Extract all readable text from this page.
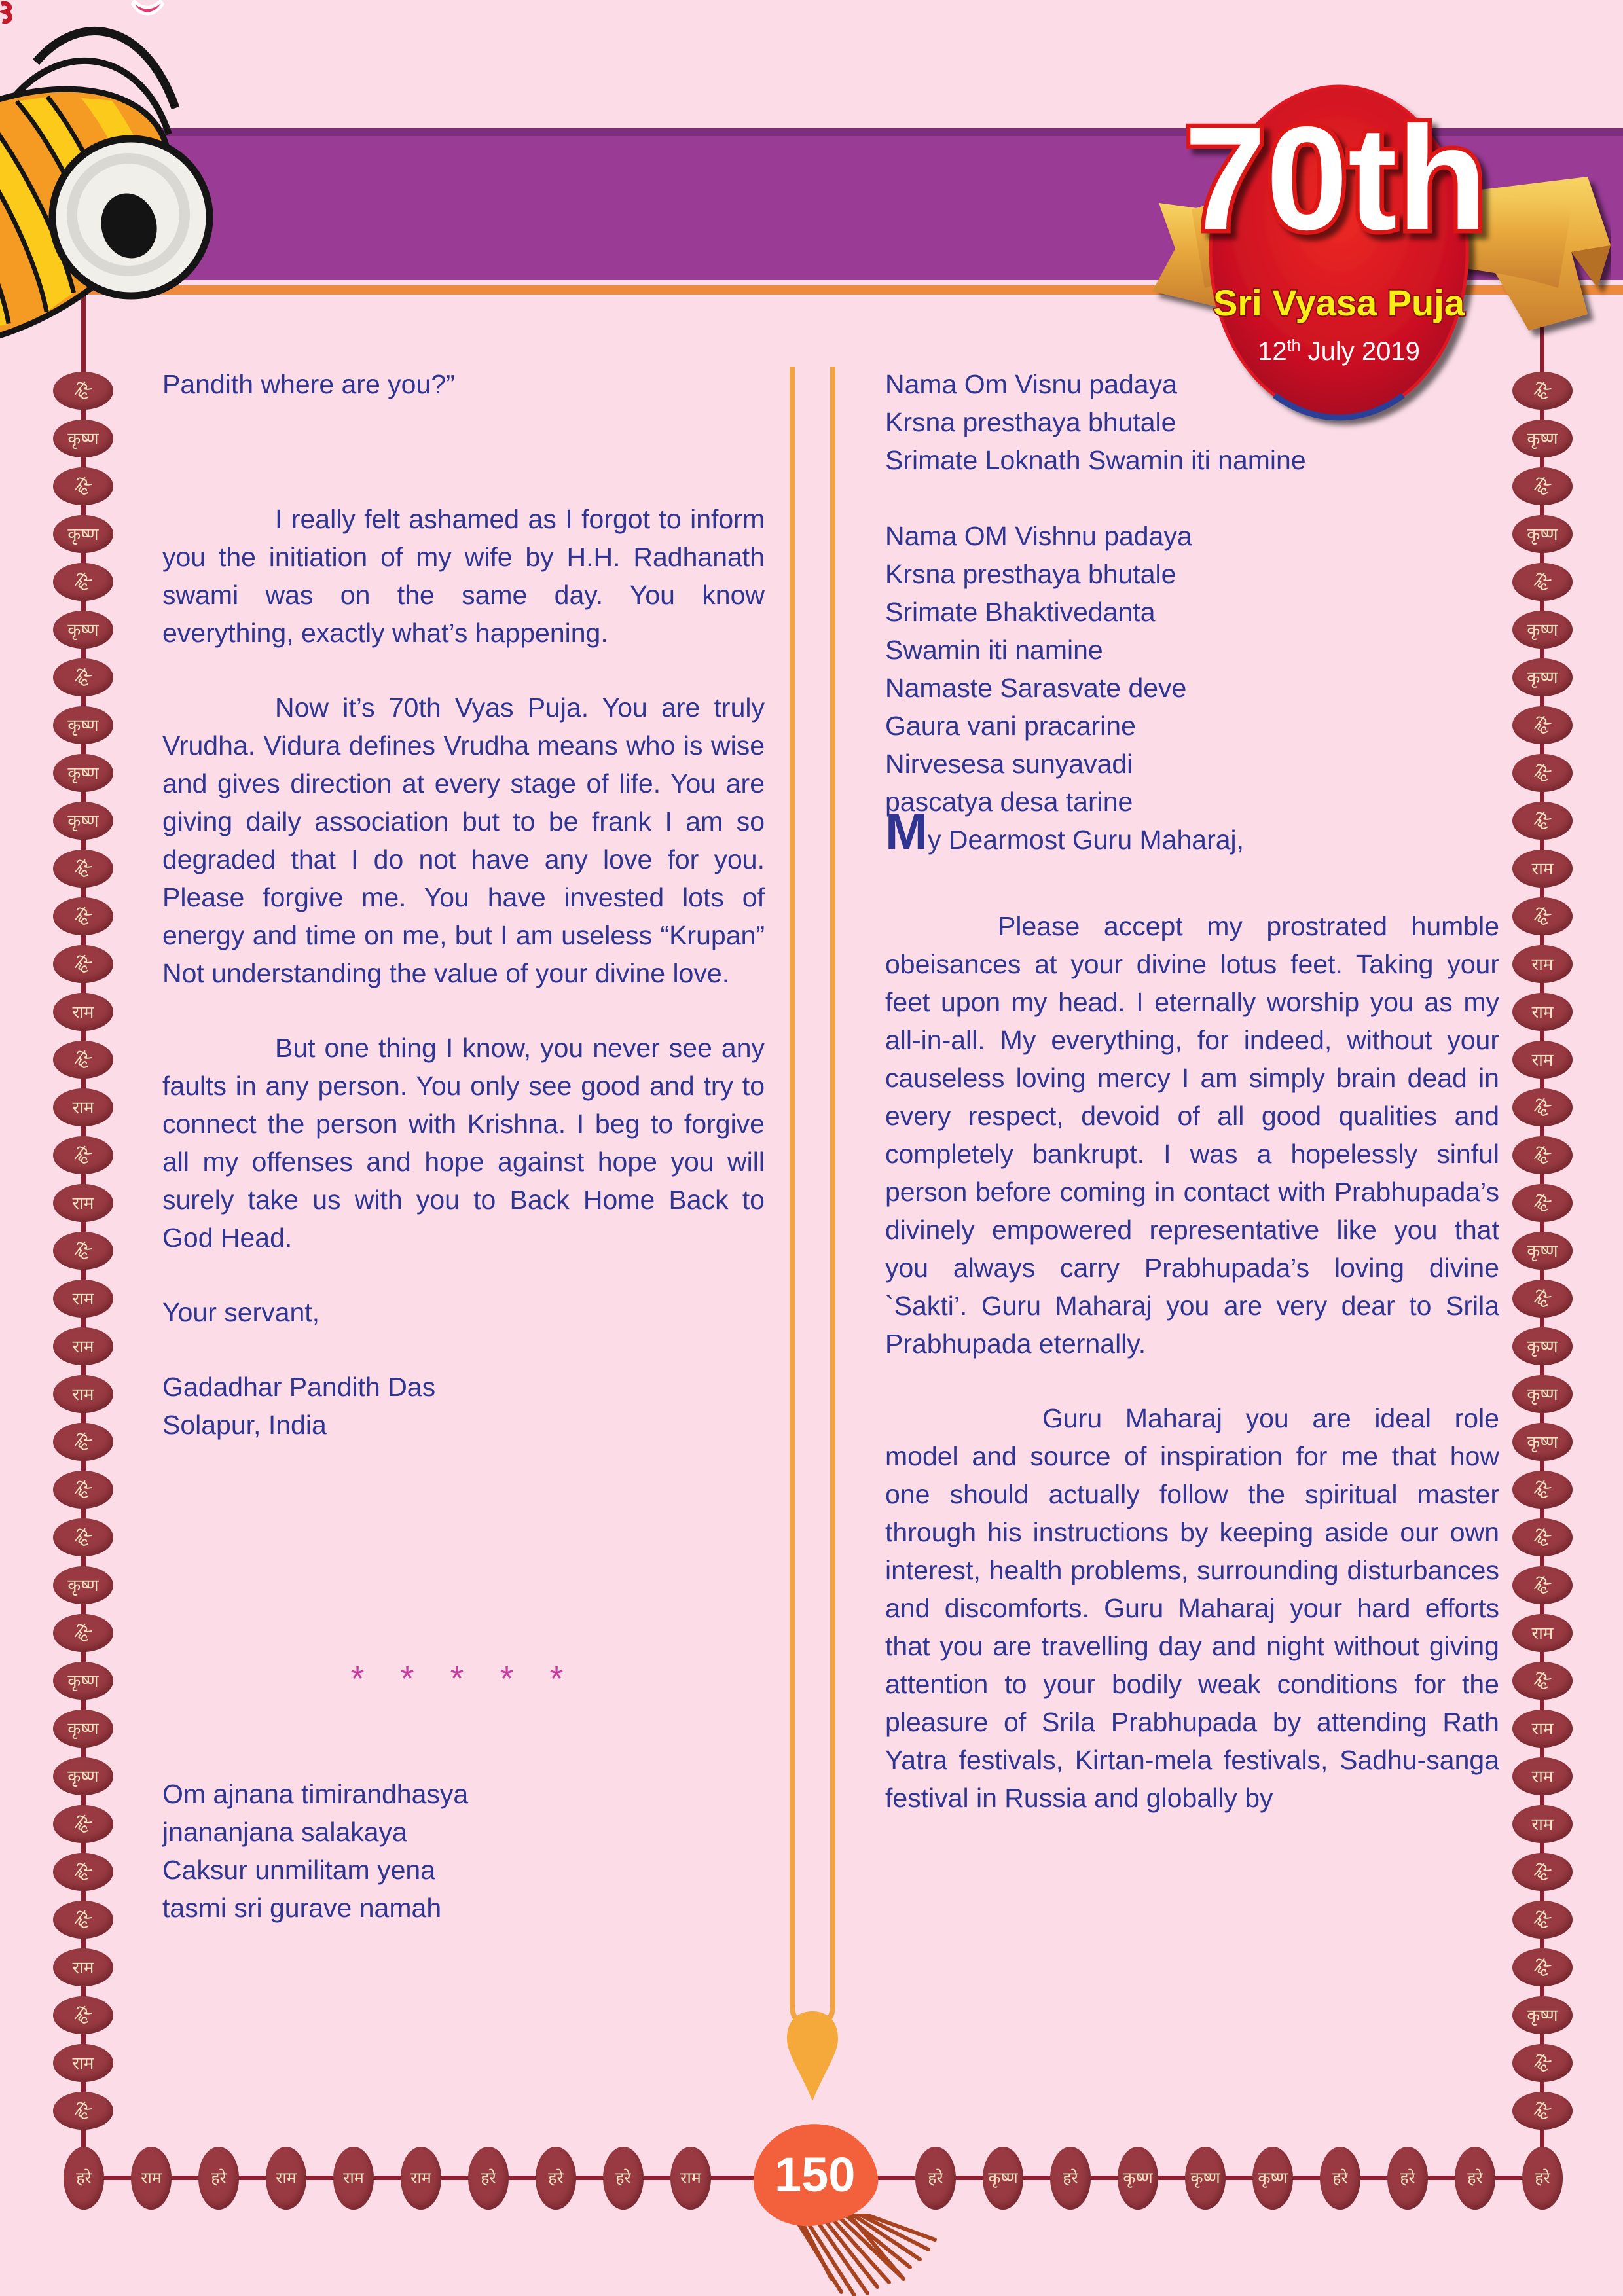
70th
Sri Vyasa Puja
12th July 2019
हरे
कृष्ण
हरे
कृष्ण
हरे
कृष्ण
हरे
कृष्ण
कृष्ण
कृष्ण
हरे
हरे
हरे
राम
हरे
राम
हरे
राम
हरे
राम
राम
राम
हरे
हरे
हरे
कृष्ण
हरे
कृष्ण
कृष्ण
कृष्ण
हरे
हरे
हरे
राम
हरे
राम
हरे
हरे
कृष्ण
हरे
कृष्ण
हरे
कृष्ण
कृष्ण
हरे
हरे
हरे
राम
हरे
राम
राम
राम
हरे
हरे
हरे
कृष्ण
हरे
कृष्ण
कृष्ण
कृष्ण
हरे
हरे
हरे
राम
हरे
राम
राम
राम
हरे
हरे
हरे
कृष्ण
हरे
हरे
हरे	राम	हरे	राम	राम	राम	हरे	हरे	हरे	राम	हरे	कृष्ण	हरे	कृष्ण कृष्ण कृष्ण	हरे	हरे	हरे	हरे

Pandith where are you?”

I really felt ashamed as I forgot to inform you the initiation of my wife by H.H. Radhanath swami was on the same day. You know everything, exactly what’s happening.

Now it’s 70th Vyas Puja. You are truly Vrudha. Vidura defines Vrudha means who is wise and gives direction at every stage of life. You are giving daily association but to be frank I am so degraded that I do not have any love for you. Please forgive me. You have invested lots of energy and time on me, but I am useless “Krupan” Not understanding the value of your divine love.

But one thing I know, you never see any faults in any person. You only see good and try to connect the person with Krishna. I beg to forgive all my offenses and hope against hope you will surely take us with you to Back Home Back to God Head.

Your servant,

Gadadhar Pandith Das

Solapur, India

* * * * *

Om ajnana timirandhasya

jnananjana salakaya

Caksur unmilitam yena

tasmi sri gurave namah

Nama Om Visnu padaya

Krsna presthaya bhutale

Srimate Loknath Swamin iti namine

Nama OM Vishnu padaya

Krsna presthaya bhutale

Srimate Bhaktivedanta

Swamin iti namine

Namaste Sarasvate deve

Gaura vani pracarine

Nirvesesa sunyavadi

pascatya desa tarine

My Dearmost Guru Maharaj,

Please accept my prostrated humble obeisances at your divine lotus feet. Taking your feet upon my head. I eternally worship you as my all-in-all. My everything, for indeed, without your causeless loving mercy I am simply brain dead in every respect, devoid of all good qualities and completely bankrupt. I was a hopelessly sinful person before coming in contact with Prabhupada’s divinely empowered representative like you that you always carry Prabhupada’s loving divine `Sakti’. Guru Maharaj you are very dear to Srila Prabhupada eternally.

Guru Maharaj you are ideal role model and source of inspiration for me that how one should actually follow the spiritual master through his instructions by keeping aside our own interest, health problems, surrounding disturbances and discomforts. Guru Maharaj your hard efforts that you are travelling day and night without giving attention to your bodily weak conditions for the pleasure of Srila Prabhupada by attending Rath Yatra festivals, Kirtan-mela festivals, Sadhu-sanga festival in Russia and globally by

150
